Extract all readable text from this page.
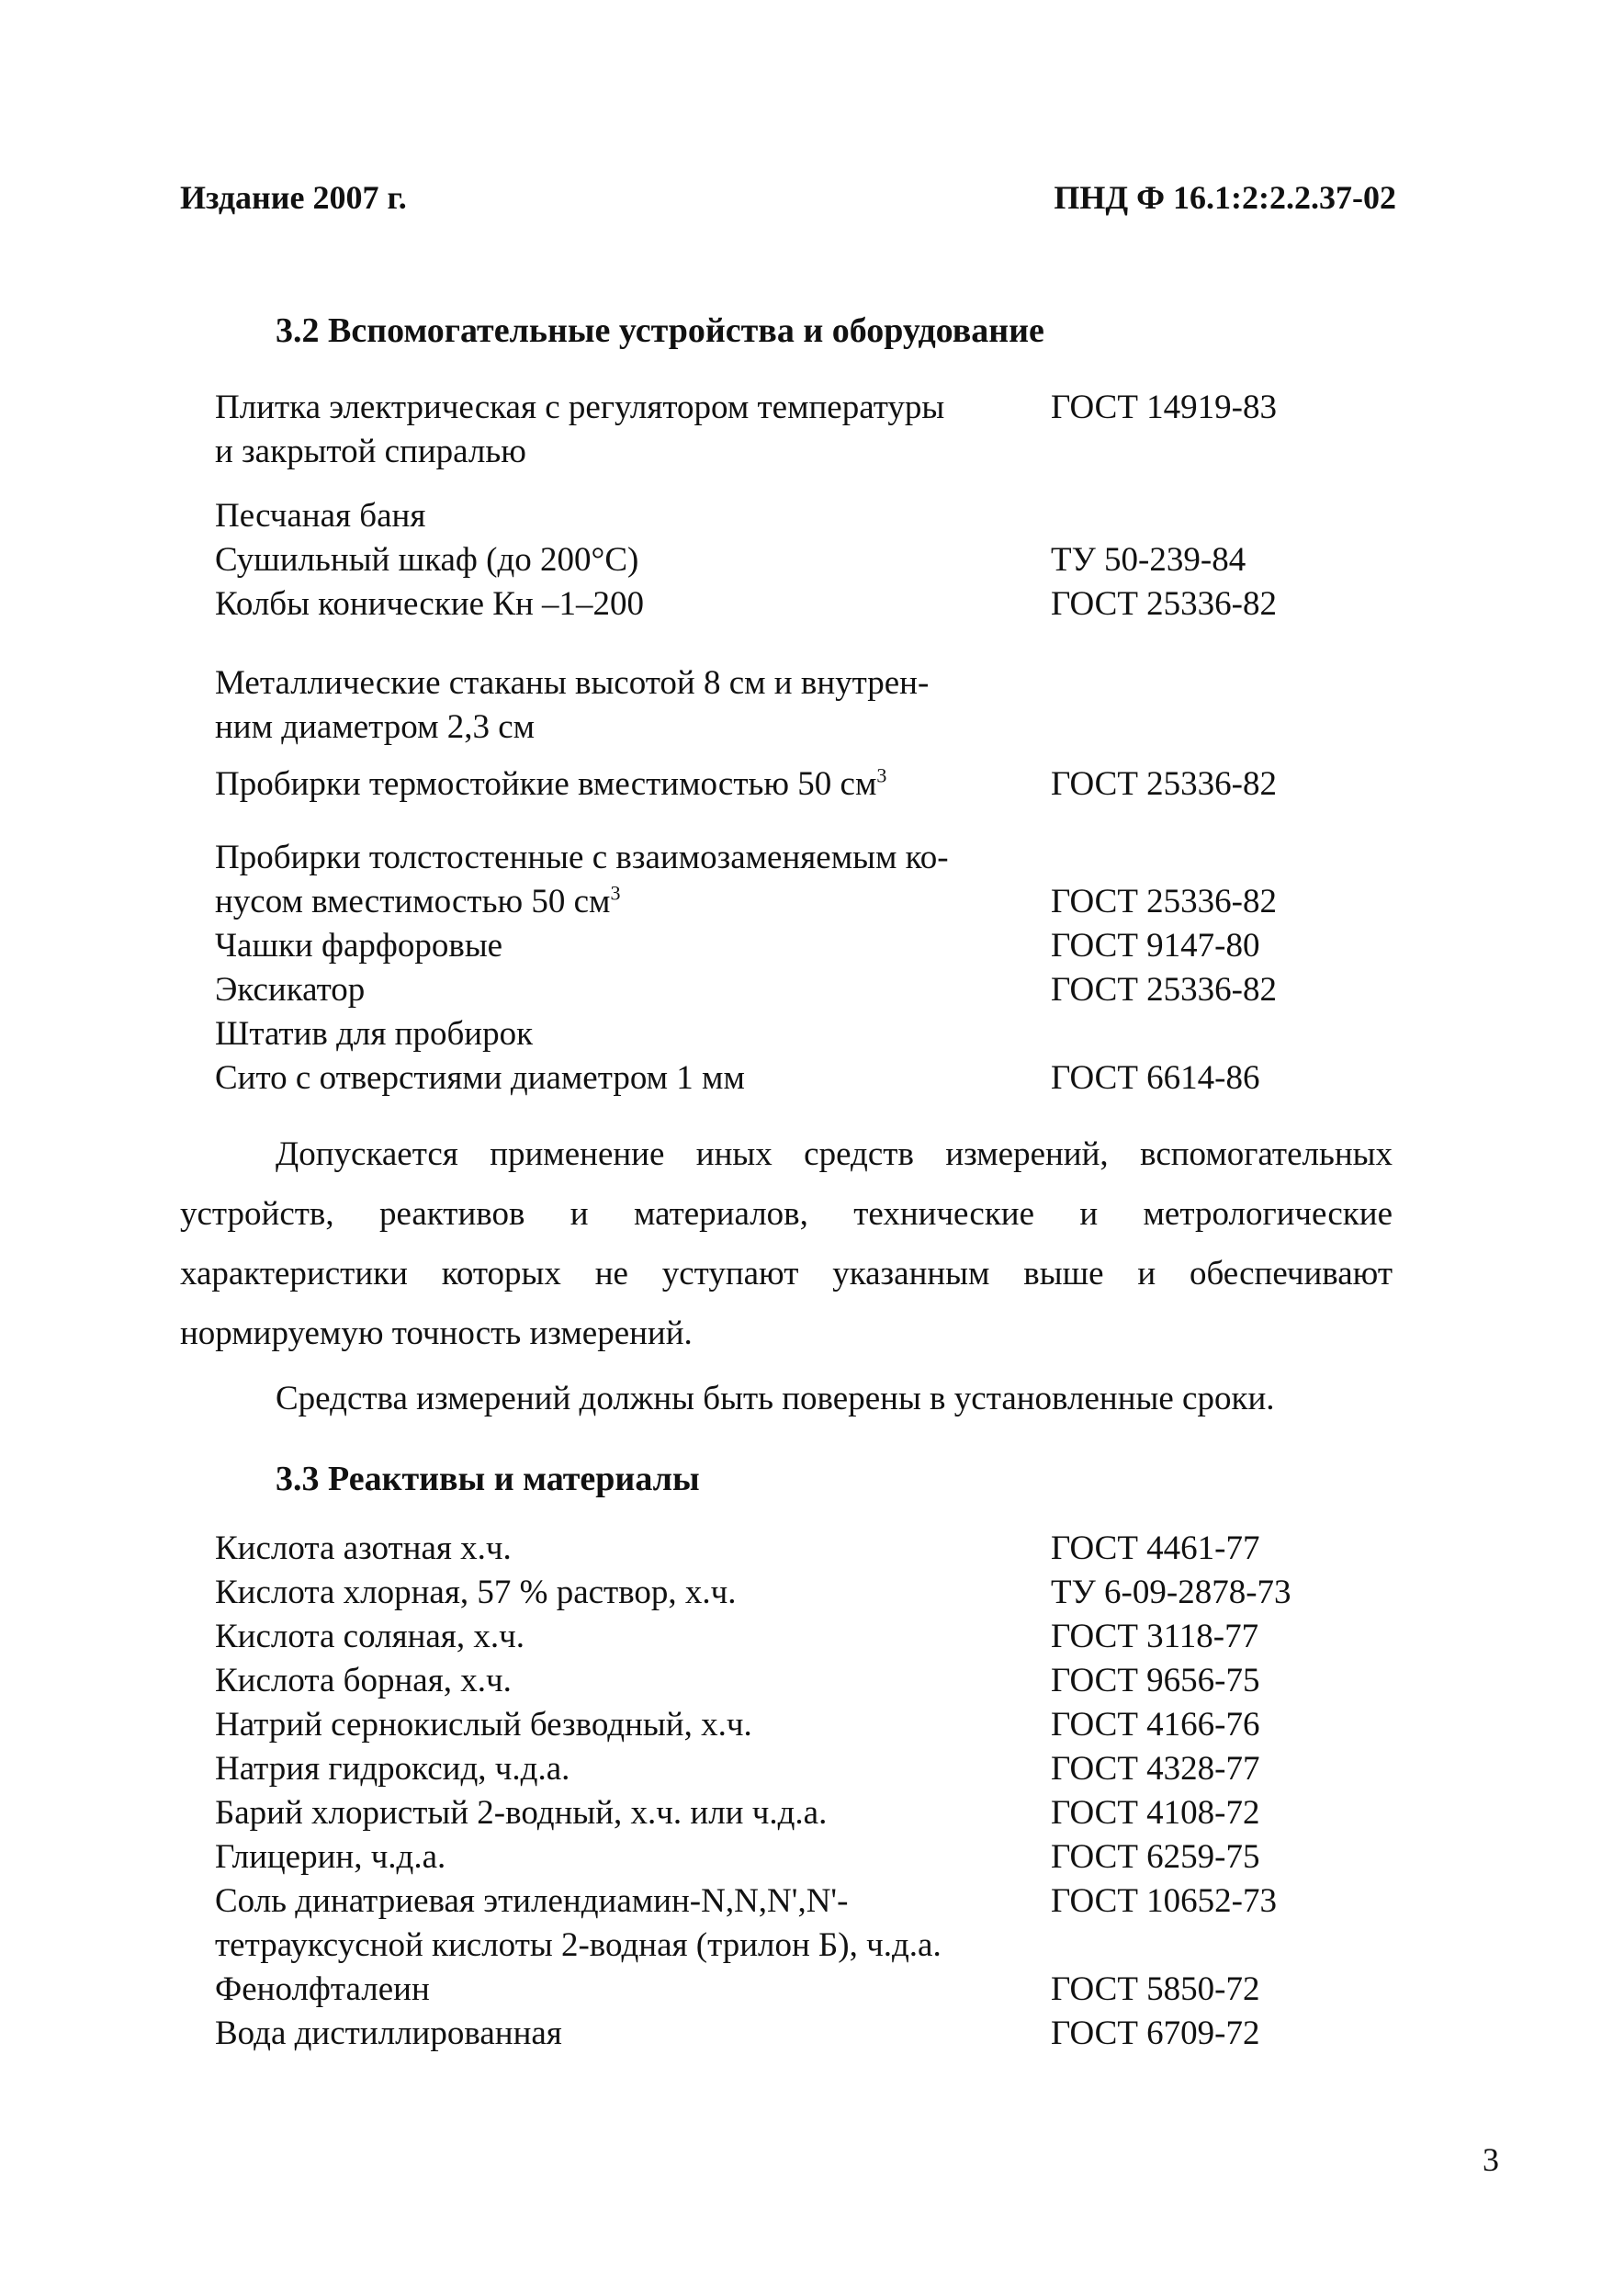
Издание 2007 г.	ПНД Ф 16.1:2:2.2.37-02
3.2 Вспомогательные устройства и оборудование
Плитка электрическая с регулятором температуры	ГОСТ 14919-83
и закрытой спиралью
Песчаная баня
Сушильный шкаф (до 200°С)	ТУ 50-239-84
Колбы конические Кн –1–200	ГОСТ 25336-82
Металлические стаканы высотой 8 см и внутрен-
ним диаметром 2,3 см
Пробирки термостойкие вместимостью 50 $см^3$	ГОСТ 25336-82
Пробирки толстостенные с взаимозаменяемым ко-
нусом вместимостью 50 $см^3$	ГОСТ 25336-82
Чашки фарфоровые	ГОСТ 9147-80
Эксикатор	ГОСТ 25336-82
Штатив для пробирок
Сито с отверстиями диаметром 1 мм	ГОСТ 6614-86
Допускается применение иных средств измерений, вспомогательных устройств, реактивов и материалов, технические и метрологические характеристики которых не уступают указанным выше и обеспечивают нормируемую точность измерений.
Средства измерений должны быть поверены в установленные сроки.
3.3 Реактивы и материалы
Кислота азотная х.ч.	ГОСТ 4461-77
Кислота хлорная, 57 % раствор, х.ч.	ТУ 6-09-2878-73
Кислота соляная, х.ч.	ГОСТ 3118-77
Кислота борная, х.ч.	ГОСТ 9656-75
Натрий сернокислый безводный, х.ч.	ГОСТ 4166-76
Натрия гидроксид, ч.д.а.	ГОСТ 4328-77
Барий хлористый 2-водный, х.ч. или ч.д.а.	ГОСТ 4108-72
Глицерин, ч.д.а.	ГОСТ 6259-75
Соль динатриевая этилендиамин-N,N,N',N'-	ГОСТ 10652-73
тетрауксусной кислоты 2-водная (трилон Б), ч.д.а.
Фенолфталеин	ГОСТ 5850-72
Вода дистиллированная	ГОСТ 6709-72
3
